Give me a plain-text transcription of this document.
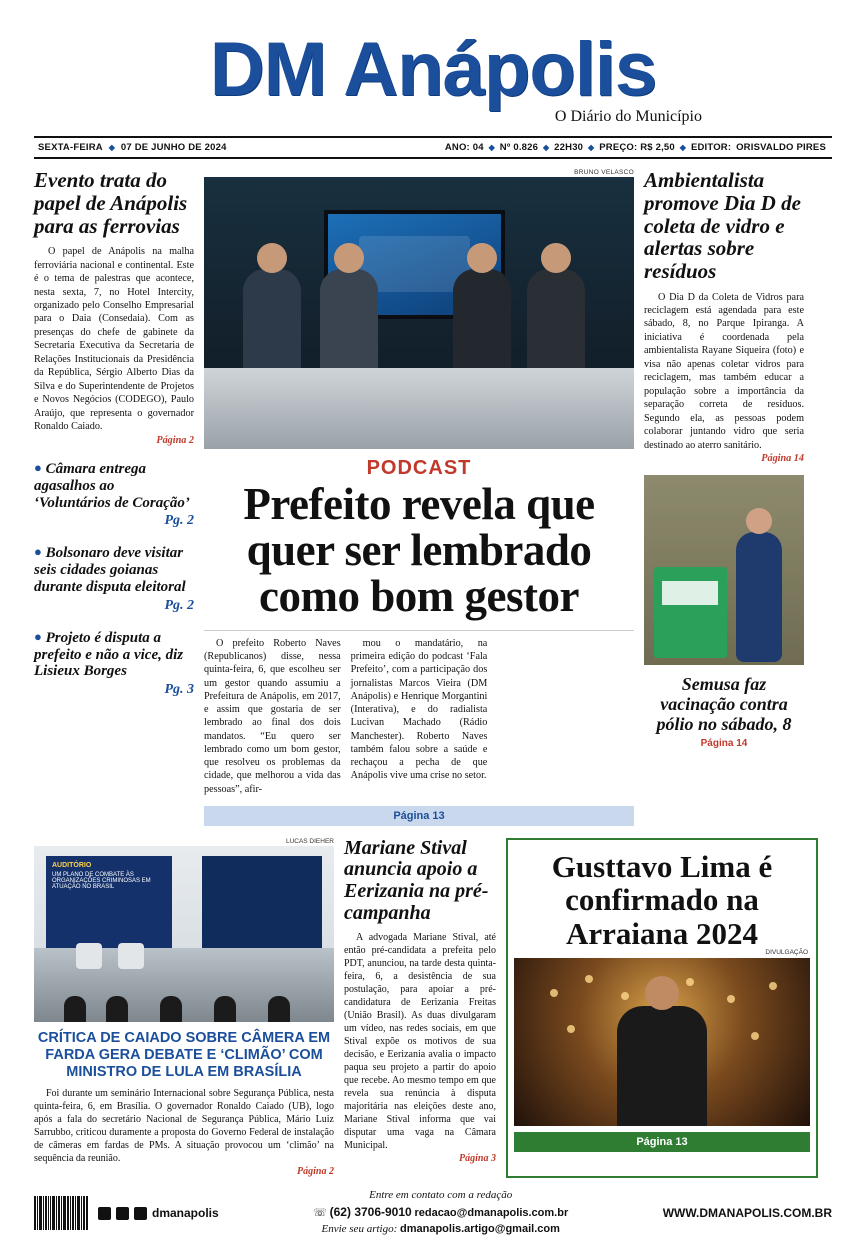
DM Anápolis
O Diário do Município
SEXTA-FEIRA ◆ 07 DE JUNHO DE 2024	ANO: 04 ◆ Nº 0.826 ◆ 22H30 ◆ PREÇO: R$ 2,50 ◆ EDITOR: ORISVALDO PIRES
Evento trata do papel de Anápolis para as ferrovias

O papel de Anápolis na malha ferroviária nacional e continental. Este é o tema de palestras que acontece, nesta sexta, 7, no Hotel Intercity, organizado pelo Conselho Empresarial para o Daia (Consedaia). Com as presenças do chefe de gabinete da Secretaria Executiva da Secretaria de Relações Institucionais da Presidência da República, Sérgio Alberto Dias da Silva e do Superintendente de Projetos e Novos Negócios (CODEGO), Paulo Araújo, que representa o governador Ronaldo Caiado.

Página 2
● Câmara entrega agasalhos ao ‘Voluntários de Coração’
Pg. 2
● Bolsonaro deve visitar seis cidades goianas durante disputa eleitoral
Pg. 2
● Projeto é disputa a prefeito e não a vice, diz Lisieux Borges
Pg. 3
BRUNO VELASCO
PODCAST
Prefeito revela que quer ser lembrado como bom gestor

O prefeito Roberto Naves (Republicanos) disse, nessa quinta-feira, 6, que escolheu ser um gestor quando assumiu a Prefeitura de Anápolis, em 2017, e assim que gostaria de ser lembrado ao final dos dois mandatos. “Eu quero ser lembrado como um bom gestor, que resolveu os problemas da cidade, que melhorou a vida das pessoas”, afir-

mou o mandatário, na primeira edição do podcast ‘Fala Prefeito’, com a participação dos jornalistas Marcos Vieira (DM Anápolis) e Henrique Morgantini (Interativa), e do radialista Lucivan Machado (Rádio Manchester). Roberto Naves também falou sobre a saúde e rechaçou a pecha de que Anápolis vive uma crise no setor.

Página 13
Ambientalista promove Dia D de coleta de vidro e alertas sobre resíduos

O Dia D da Coleta de Vidros para reciclagem está agendada para este sábado, 8, no Parque Ipiranga. A iniciativa é coordenada pela ambientalista Rayane Siqueira (foto) e visa não apenas coletar vidros para reciclagem, mas também educar a população sobre a importância da separação correta de resíduos. Segundo ela, as pessoas podem colaborar juntando vidro que seria destinado ao aterro sanitário.

Página 14
Semusa faz vacinação contra pólio no sábado, 8
Página 14
LUCAS DIEHER
AUDITÓRIO
UM PLANO DE COMBATE ÀS ORGANIZAÇÕES CRIMINOSAS EM ATUAÇÃO NO BRASIL
CRÍTICA DE CAIADO SOBRE CÂMERA EM FARDA GERA DEBATE E ‘CLIMÃO’ COM MINISTRO DE LULA EM BRASÍLIA
Foi durante um seminário Internacional sobre Segurança Pública, nesta quinta-feira, 6, em Brasília. O governador Ronaldo Caiado (UB), logo após a fala do secretário Nacional de Segurança Pública, Mário Luiz Sarrubbo, criticou duramente a proposta do Governo Federal de instalação de câmeras em fardas de PMs. A situação provocou um ‘climão’ na sequência da reunião.
Página 2
Mariane Stival anuncia apoio a Eerizania na pré-campanha
A advogada Mariane Stival, até então pré-candidata a prefeita pelo PDT, anunciou, na tarde desta quinta-feira, 6, a desistência de sua postulação, para apoiar a pré-candidatura de Eerizania Freitas (União Brasil). As duas divulgaram um vídeo, nas redes sociais, em que Stival expõe os motivos de sua decisão, e Eerizania avalia o impacto paqua seu projeto a partir do apoio que recebe. Ao mesmo tempo em que revela sua renúncia à disputa majoritária nas eleições deste ano, Mariane Stival informa que vai disputar uma vaga na Câmara Municipal.
Página 3
Gusttavo Lima é confirmado na Arraiana 2024
DIVULGAÇÃO
Página 13
dmanapolis
Entre em contato com a redação
☏ (62) 3706-9010 redacao@dmanapolis.com.br
Envie seu artigo: dmanapolis.artigo@gmail.com
WWW.DMANAPOLIS.COM.BR
